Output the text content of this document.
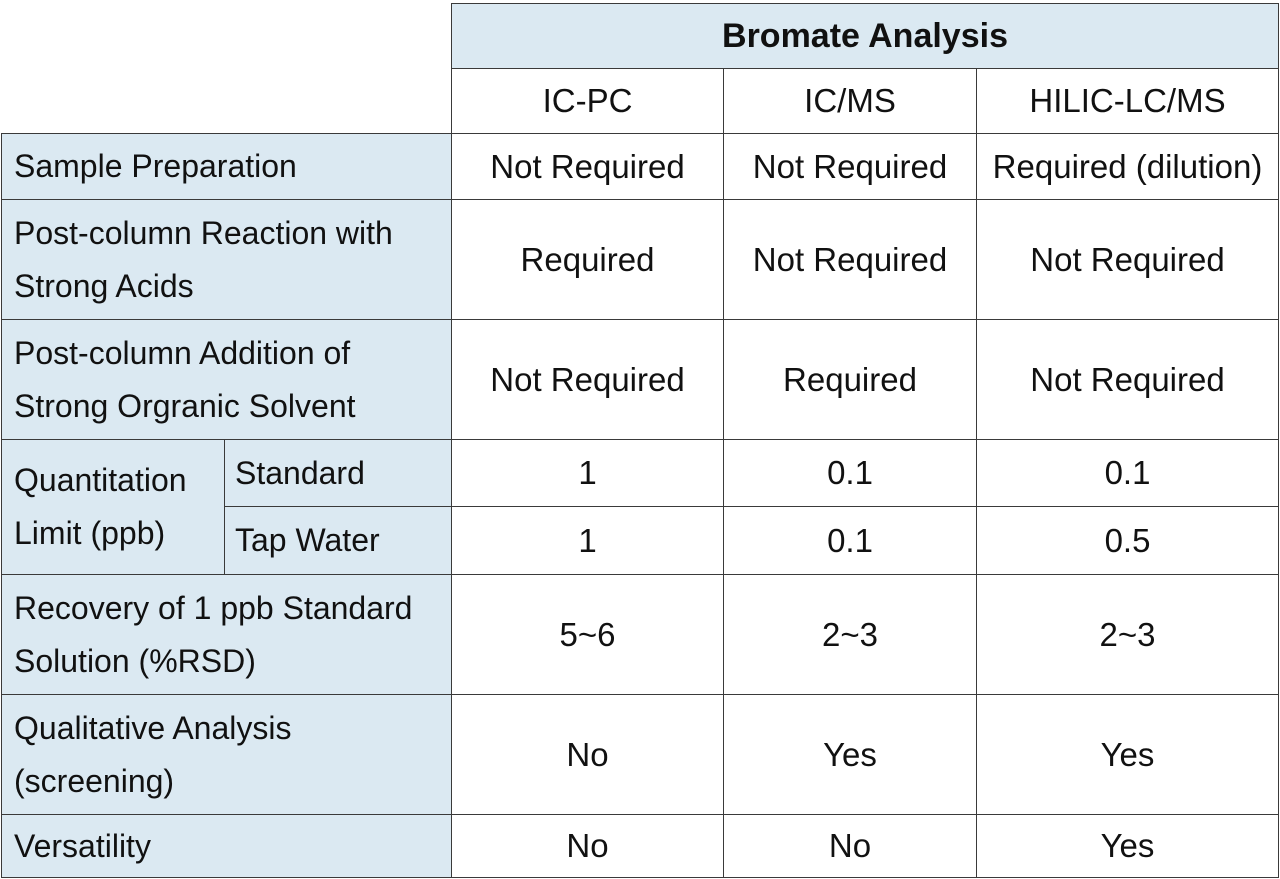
		Bromate Analysis		
		IC-PC	IC/MS	HILIC-LC/MS
Sample Preparation		Not Required	Not Required	Required (dilution)
Post-column Reaction with Strong Acids		Required	Not Required	Not Required
Post-column Addition of Strong Orgranic Solvent		Not Required	Required	Not Required
Quantitation Limit (ppb)	Standard	1	0.1	0.1
	Tap Water	1	0.1	0.5
Recovery of 1 ppb Standard Solution (%RSD)		5~6	2~3	2~3
Qualitative Analysis (screening)		No	Yes	Yes
Versatility		No	No	Yes
